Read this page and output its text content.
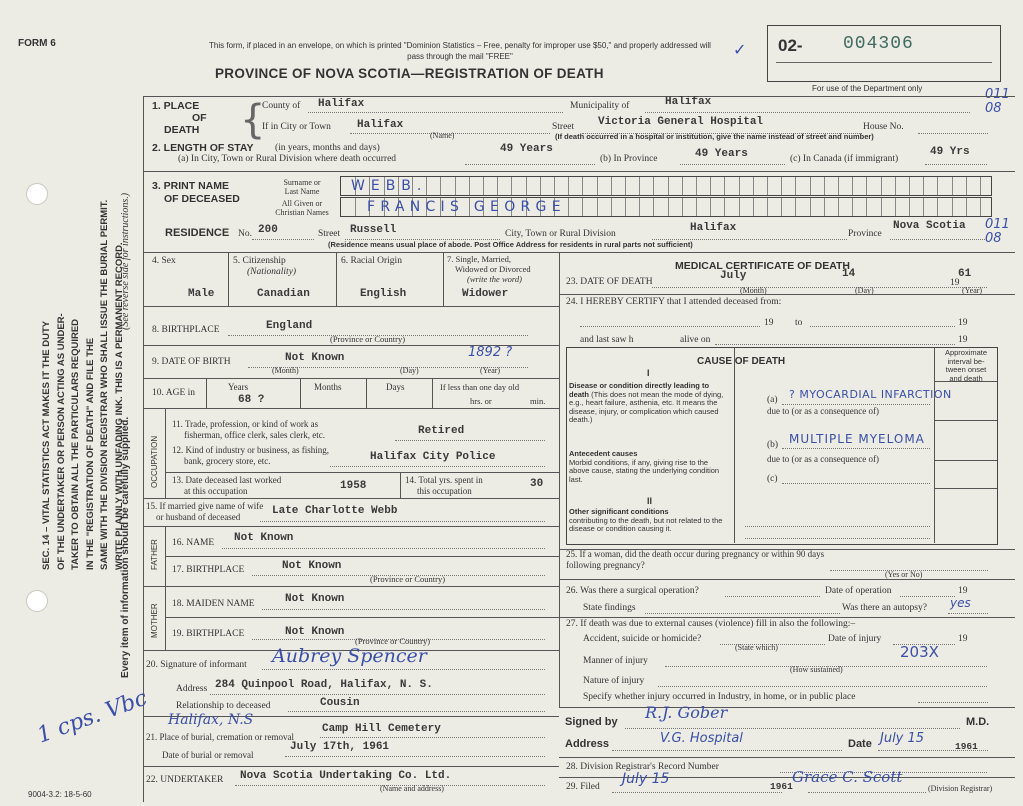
FORM 6	This form, if placed in an envelope, on which is printed "Dominion Statistics – Free, penalty for improper use $50," and properly addressed will pass through the mail "FREE"
PROVINCE OF NOVA SCOTIA—REGISTRATION OF DEATH
02- 004306
For use of the Department only	011 08
✓
SEC. 14 – VITAL STATISTICS ACT MAKES IT THE DUTY OF THE UNDERTAKER OR PERSON ACTING AS UNDER- TAKER TO OBTAIN ALL THE PARTICULARS REQUIRED IN THE "REGISTRATION OF DEATH" AND FILE THE SAME WITH THE DIVISION REGISTRAR WHO SHALL ISSUE THE BURIAL PERMIT. WRITE PLAINLY WITH UNFADING INK. THIS IS A PERMANENT RECORD.
(See reverse side for instructions.)
Every item of information should be carefully supplied.
1. PLACE
OF
DEATH {
County of Halifax	Municipality of	Halifax
If in City or Town Halifax
(Name)
Street Victoria General Hospital	House No.
(If death occurred in a hospital or institution, give the name instead of street and number)
2. LENGTH OF STAY (in years, months and days)
(a) In City, Town or Rural Division where death occurred
49 Years
(b) In Province	49 Years	(c) In Canada (if immigrant)
49 Yrs
3. PRINT NAME
OF DECEASED
Surname or
Last Name
All Given or
Christian Names
WEBB.
FRANCIS GEORGE
RESIDENCE No. 200	Street Russell	City, Town or Rural Division	Halifax	Province
Nova Scotia 011 08
(Residence means usual place of abode. Post Office Address for residents in rural parts not sufficient)
4. Sex
Male
5. Citizenship
(Nationality)
Canadian
6. Racial Origin
English
7. Single, Married,
Widowed or Divorced
(write the word)
Widower
8. BIRTHPLACE	England
(Province or Country)
9. DATE OF BIRTH	Not Known	1892 ?
(Month)	(Day)	(Year)
10. AGE in
Years
68 ?
Months	Days	If less than one day old
hrs. or	min.
OCCUPATION
11. Trade, profession, or kind of work as
fisherman, office clerk, sales clerk, etc.	Retired
12. Kind of industry or business, as fishing,
bank, grocery store, etc.	Halifax City Police
13. Date deceased last worked
at this occupation	1958	14. Total yrs. spent in
this occupation
30
15. If married give name of wife
or husband of deceased	Late Charlotte Webb
FATHER 16. NAME Not Known
17. BIRTHPLACE	Not Known
(Province or Country)
MOTHER 18. MAIDEN NAME	Not Known
19. BIRTHPLACE	Not Known
(Province or Country)
20. Signature of informant Aubrey Spencer
Address 284 Quinpool Road, Halifax, N. S.
Relationship to deceased	Cousin
Halifax, N.S
21. Place of burial, cremation or removal
Date of burial or removal
Camp Hill Cemetery
July 17th, 1961
22. UNDERTAKER Nova Scotia Undertaking Co. Ltd.
(Name and address)
9004-3.2: 18-5-60
1 cps. Vbc
MEDICAL CERTIFICATE OF DEATH
23. DATE OF DEATH	July	14
19
61
(Month)	(Day)	(Year)
24. I HEREBY CERTIFY that I attended deceased from:
19 to	19
and last saw h	alive on	19
CAUSE OF DEATH
Approximate
interval be-
tween onset
and death
I
Disease or condition directly leading to death (This does not mean the mode of dying, e.g., heart failure, asthenia, etc. It means the disease, injury, or complication which caused death.)
(a) ? MYOCARDIAL INFARCTION
due to (or as a consequence of)
Antecedent causes
Morbid conditions, if any, giving rise to the above cause, stating the underlying condition last.
(b) MULTIPLE MYELOMA
due to (or as a consequence of)
(c)
II
Other significant conditions
contributing to the death, but not related to the disease or condition causing it.
25. If a woman, did the death occur during pregnancy or within 90 days following pregnancy?
(Yes or No)
26. Was there a surgical operation?	Date of operation	19
State findings	Was there an autopsy? yes
27. If death was due to external causes (violence) fill in also the following:–
Accident, suicide or homicide?
(State which)
Date of injury	19
Manner of injury
(How sustained)
203X
Nature of injury
Specify whether injury occurred in Industry, in home, or in public place
Signed by R.J. Gober	M.D.
Address	V.G. Hospital	Date July 15
1961
28. Division Registrar's Record Number
29. Filed July 15	1961
Grace C. Scott
(Division Registrar)
